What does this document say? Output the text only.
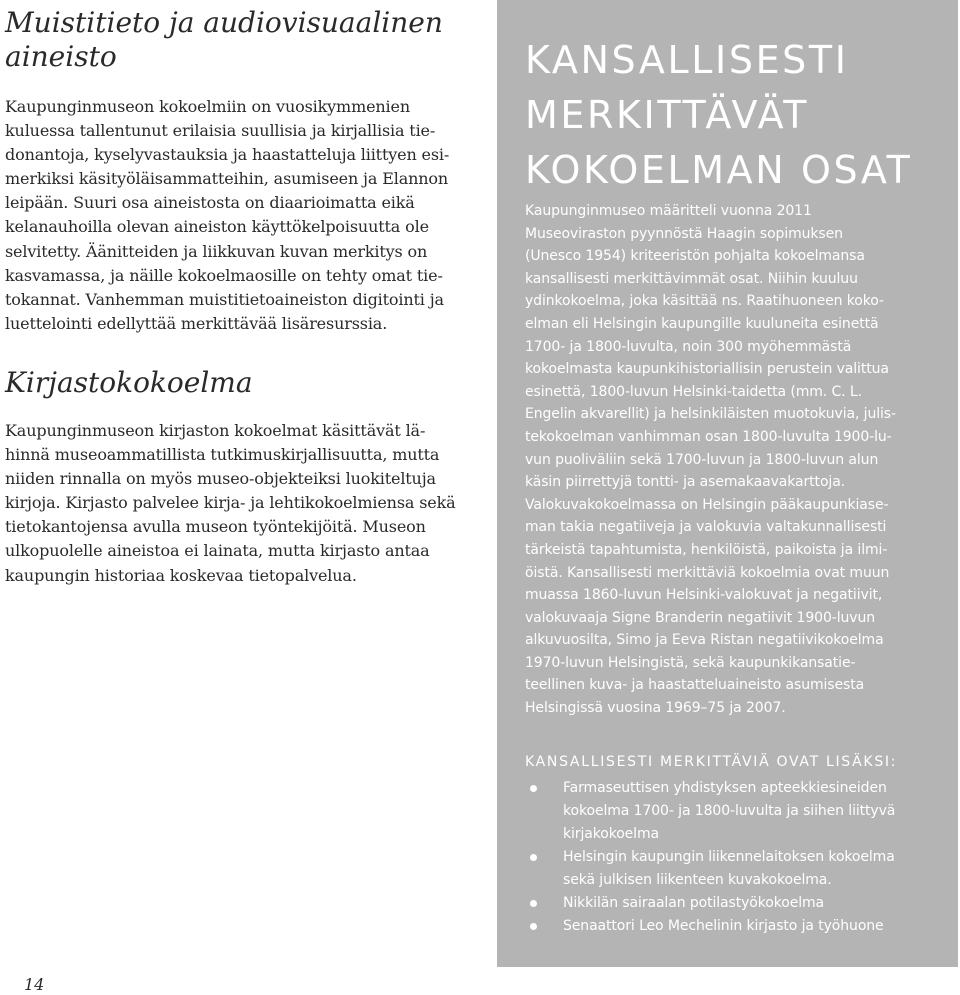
Muistitieto ja audiovisuaalinen
aineisto

Kaupunginmuseon kokoelmiin on vuosikymmenien
kuluessa tallentunut erilaisia suullisia ja kirjallisia tie-
donantoja, kyselyvastauksia ja haastatteluja liittyen esi-
merkiksi käsityöläisammatteihin, asumiseen ja Elannon
leipään. Suuri osa aineistosta on diaarioimatta eikä
kelanauhoilla olevan aineiston käyttökelpoisuutta ole
selvitetty. Äänitteiden ja liikkuvan kuvan merkitys on
kasvamassa, ja näille kokoelmaosille on tehty omat tie-
tokannat. Vanhemman muistitietoaineiston digitointi ja
luettelointi edellyttää merkittävää lisäresurssia.

Kirjastokokoelma

Kaupunginmuseon kirjaston kokoelmat käsittävät lä-
hinnä museoammatillista tutkimuskirjallisuutta, mutta
niiden rinnalla on myös museo-objekteiksi luokiteltuja
kirjoja. Kirjasto palvelee kirja- ja lehtikokoelmiensa sekä
tietokantojensa avulla museon työntekijöitä. Museon
ulkopuolelle aineistoa ei lainata, mutta kirjasto antaa
kaupungin historiaa koskevaa tietopalvelua.

KANSALLISESTI
MERKITTÄVÄT
KOKOELMAN OSAT

Kaupunginmuseo määritteli vuonna 2011
Museoviraston pyynnöstä Haagin sopimuksen
(Unesco 1954) kriteeristön pohjalta kokoelmansa
kansallisesti merkittävimmät osat. Niihin kuuluu
ydinkokoelma, joka käsittää ns. Raatihuoneen koko-
elman eli Helsingin kaupungille kuuluneita esinettä
1700- ja 1800-luvulta, noin 300 myöhemmästä
kokoelmasta kaupunkihistoriallisin perustein valittua
esinettä, 1800-luvun Helsinki-taidetta (mm. C. L.
Engelin akvarellit) ja helsinkiläisten muotokuvia, julis-
tekokoelman vanhimman osan 1800-luvulta 1900-lu-
vun puoliväliin sekä 1700-luvun ja 1800-luvun alun
käsin piirrettyjä tontti- ja asemakaavakarttoja.
Valokuvakokoelmassa on Helsingin pääkaupunkiase-
man takia negatiiveja ja valokuvia valtakunnallisesti
tärkeistä tapahtumista, henkilöistä, paikoista ja ilmi-
öistä. Kansallisesti merkittäviä kokoelmia ovat muun
muassa 1860-luvun Helsinki-valokuvat ja negatiivit,
valokuvaaja Signe Branderin negatiivit 1900-luvun
alkuvuosilta, Simo ja Eeva Ristan negatiivikokoelma
1970-luvun Helsingistä, sekä kaupunkikansatie-
teellinen kuva- ja haastatteluaineisto asumisesta
Helsingissä vuosina 1969–75 ja 2007.

KANSALLISESTI MERKITTÄVIÄ OVAT LISÄKSI:
Farmaseuttisen yhdistyksen apteekkiesineiden
kokoelma 1700- ja 1800-luvulta ja siihen liittyvä
kirjakokoelma
Helsingin kaupungin liikennelaitoksen kokoelma
sekä julkisen liikenteen kuvakokoelma.
Nikkilän sairaalan potilastyökokoelma
Senaattori Leo Mechelinin kirjasto ja työhuone
14
